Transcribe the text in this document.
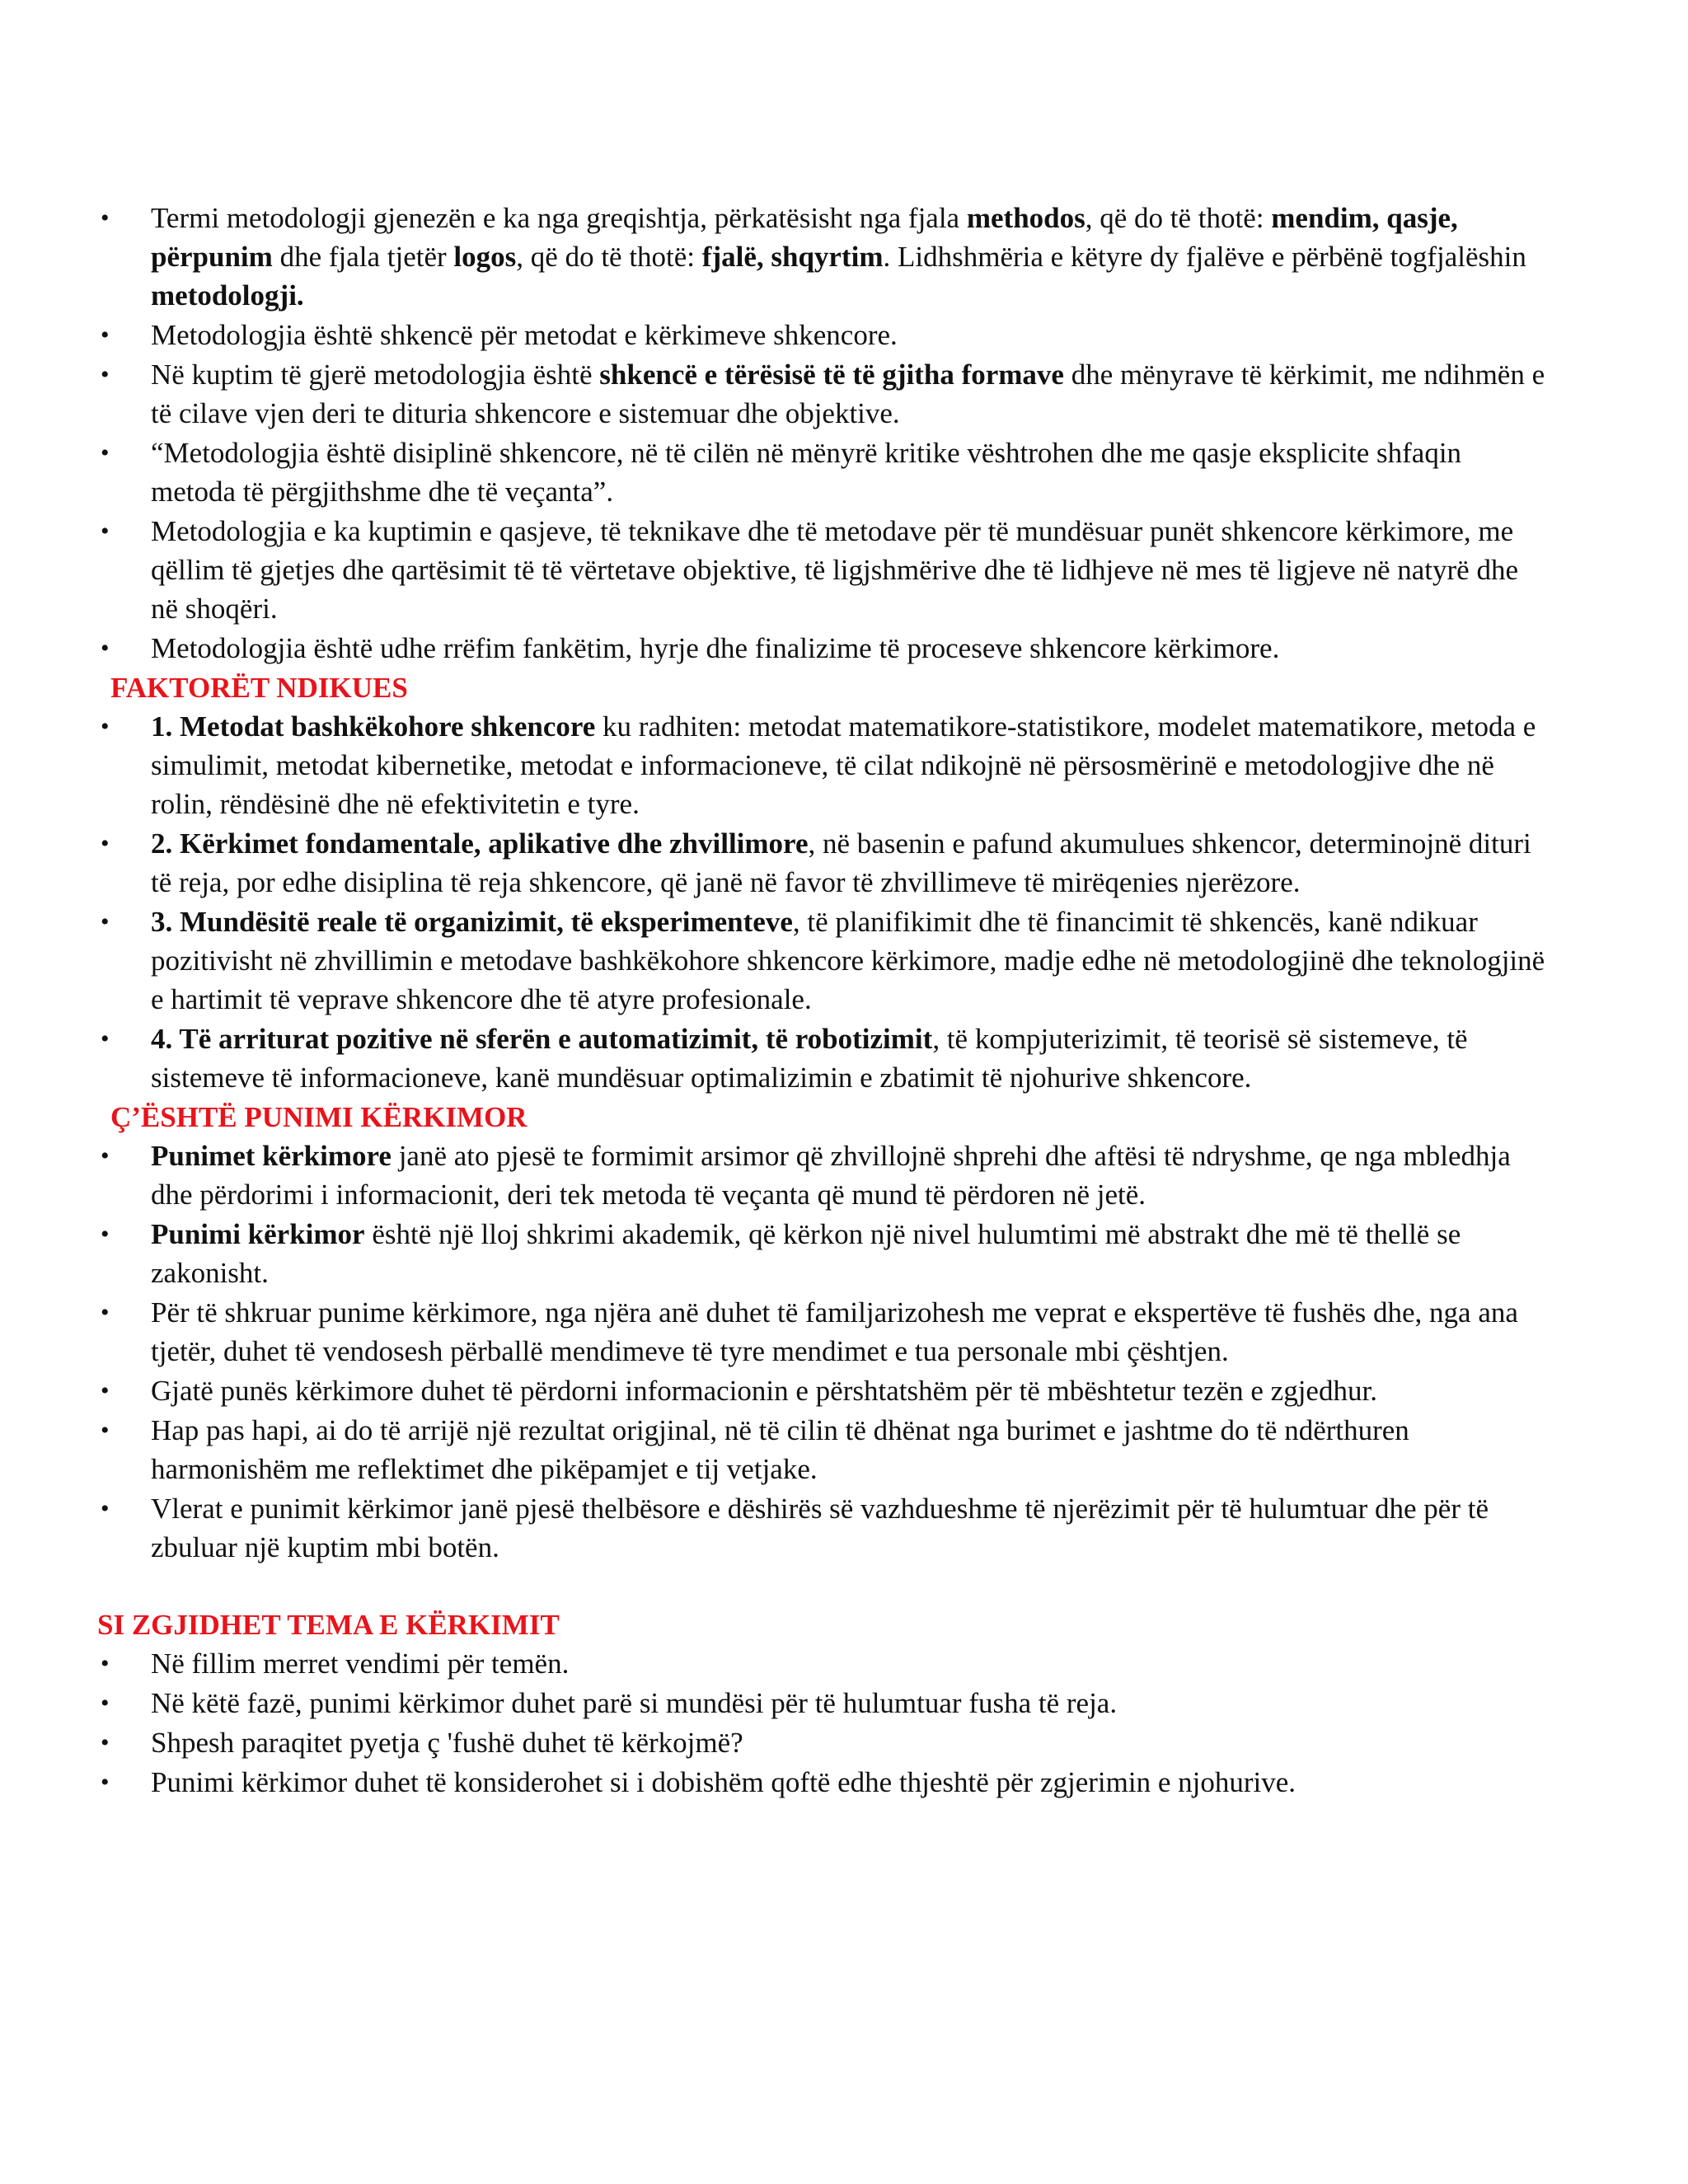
• Termi metodologji gjenezën e ka nga greqishtja, përkatësisht nga fjala methodos, që do të thotë: mendim, qasje, përpunim dhe fjala tjetër logos, që do të thotë: fjalë, shqyrtim. Lidhshmëria e këtyre dy fjalëve e përbënë togfjalëshin metodologji.
• Metodologjia është shkencë për metodat e kërkimeve shkencore.
• Në kuptim të gjerë metodologjia është shkencë e tërësisë të të gjitha formave dhe mënyrave të kërkimit, me ndihmën e të cilave vjen deri te dituria shkencore e sistemuar dhe objektive.
• “Metodologjia është disiplinë shkencore, në të cilën në mënyrë kritike vështrohen dhe me qasje eksplicite shfaqin metoda të përgjithshme dhe të veçanta”.
• Metodologjia e ka kuptimin e qasjeve, të teknikave dhe të metodave për të mundësuar punët shkencore kërkimore, me qëllim të gjetjes dhe qartësimit të të vërtetave objektive, të ligjshmërive dhe të lidhjeve në mes të ligjeve në natyrë dhe në shoqëri.
• Metodologjia është udhe rrëfim fankëtim, hyrje dhe finalizime të proceseve shkencore kërkimore.
FAKTORËT NDIKUES
• 1. Metodat bashkëkohore shkencore ku radhiten: metodat matematikore-statistikore, modelet matematikore, metoda e simulimit, metodat kibernetike, metodat e informacioneve, të cilat ndikojnë në përsosmërinë e metodologjive dhe në rolin, rëndësinë dhe në efektivitetin e tyre.
• 2. Kërkimet fondamentale, aplikative dhe zhvillimore, në basenin e pafund akumulues shkencor, determinojnë dituri të reja, por edhe disiplina të reja shkencore, që janë në favor të zhvillimeve të mirëqenies njerëzore.
• 3. Mundësitë reale të organizimit, të eksperimenteve, të planifikimit dhe të financimit të shkencës, kanë ndikuar pozitivisht në zhvillimin e metodave bashkëkohore shkencore kërkimore, madje edhe në metodologjinë dhe teknologjinë e hartimit të veprave shkencore dhe të atyre profesionale.
• 4. Të arriturat pozitive në sferën e automatizimit, të robotizimit, të kompjuterizimit, të teorisë së sistemeve, të sistemeve të informacioneve, kanë mundësuar optimalizimin e zbatimit të njohurive shkencore.
Ç’ËSHTË PUNIMI KËRKIMOR
• Punimet kërkimore janë ato pjesë te formimit arsimor që zhvillojnë shprehi dhe aftësi të ndryshme, qe nga mbledhja dhe përdorimi i informacionit, deri tek metoda të veçanta që mund të përdoren në jetë.
• Punimi kërkimor është një lloj shkrimi akademik, që kërkon një nivel hulumtimi më abstrakt dhe më të thellë se zakonisht.
• Për të shkruar punime kërkimore, nga njëra anë duhet të familjarizohesh me veprat e ekspertëve të fushës dhe, nga ana tjetër, duhet të vendosesh përballë mendimeve të tyre mendimet e tua personale mbi çështjen.
• Gjatë punës kërkimore duhet të përdorni informacionin e përshtatshëm për të mbështetur tezën e zgjedhur.
• Hap pas hapi, ai do të arrijë një rezultat origjinal, në të cilin të dhënat nga burimet e jashtme do të ndërthuren harmonishëm me reflektimet dhe pikëpamjet e tij vetjake.
• Vlerat e punimit kërkimor janë pjesë thelbësore e dëshirës së vazhdueshme të njerëzimit për të hulumtuar dhe për të zbuluar një kuptim mbi botën.
SI ZGJIDHET TEMA E KËRKIMIT
• Në fillim merret vendimi për temën.
• Në këtë fazë, punimi kërkimor duhet parë si mundësi për të hulumtuar fusha të reja.
• Shpesh paraqitet pyetja ç 'fushë duhet të kërkojmë?
• Punimi kërkimor duhet të konsiderohet si i dobishëm qoftë edhe thjeshtë për zgjerimin e njohurive.
